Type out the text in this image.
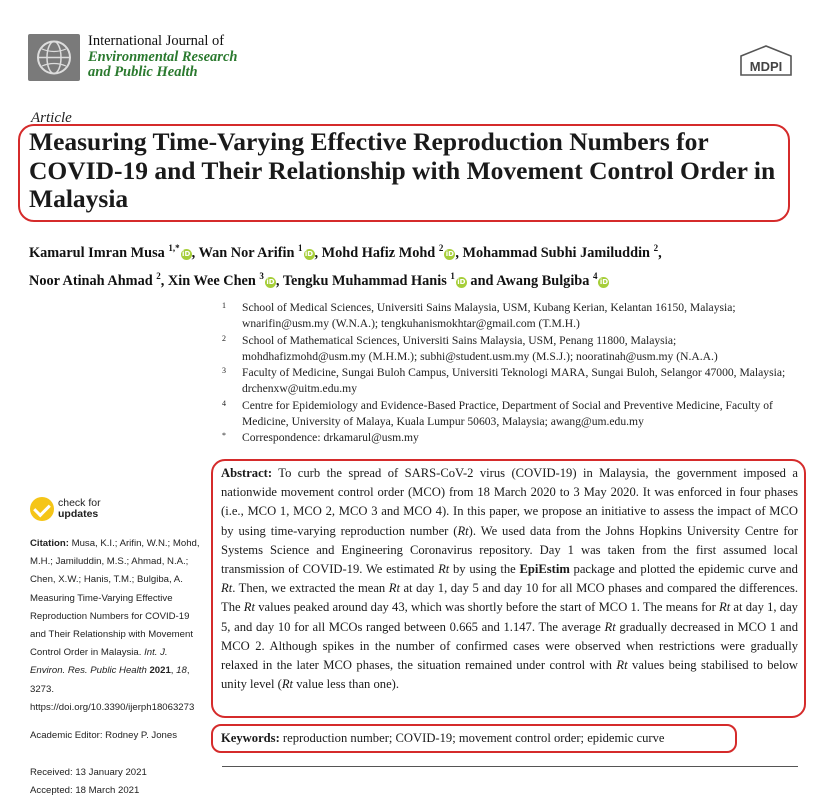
International Journal of
Environmental Research
and Public Health	MDPI
Article
Measuring Time-Varying Effective Reproduction Numbers for COVID-19 and Their Relationship with Movement Control Order in Malaysia
Kamarul Imran Musa $^{1,*}$iD, Wan Nor Arifin $^1$iD, Mohd Hafiz Mohd $^2$iD, Mohammad Subhi Jamiluddin $^2$,
Noor Atinah Ahmad $^2$, Xin Wee Chen $^3$iD, Tengku Muhammad Hanis $^1$iD and Awang Bulgiba $^4$iD
1	School of Medical Sciences, Universiti Sains Malaysia, USM, Kubang Kerian, Kelantan 16150, Malaysia; wnarifin@usm.my (W.N.A.); tengkuhanismokhtar@gmail.com (T.M.H.)
2	School of Mathematical Sciences, Universiti Sains Malaysia, USM, Penang 11800, Malaysia; mohdhafizmohd@usm.my (M.H.M.); subhi@student.usm.my (M.S.J.); nooratinah@usm.my (N.A.A.)
3	Faculty of Medicine, Sungai Buloh Campus, Universiti Teknologi MARA, Sungai Buloh, Selangor 47000, Malaysia; drchenxw@uitm.edu.my
4	Centre for Epidemiology and Evidence-Based Practice, Department of Social and Preventive Medicine, Faculty of Medicine, University of Malaya, Kuala Lumpur 50603, Malaysia; awang@um.edu.my
*	Correspondence: drkamarul@usm.my
check for
updates
Citation: Musa, K.I.; Arifin, W.N.; Mohd, M.H.; Jamiluddin, M.S.; Ahmad, N.A.; Chen, X.W.; Hanis, T.M.; Bulgiba, A. Measuring Time-Varying Effective Reproduction Numbers for COVID-19 and Their Relationship with Movement Control Order in Malaysia. Int. J. Environ. Res. Public Health 2021, 18, 3273. https://doi.org/10.3390/ijerph18063273
Academic Editor: Rodney P. Jones
Received: 13 January 2021
Accepted: 18 March 2021
Abstract: To curb the spread of SARS-CoV-2 virus (COVID-19) in Malaysia, the government imposed a nationwide movement control order (MCO) from 18 March 2020 to 3 May 2020. It was enforced in four phases (i.e., MCO 1, MCO 2, MCO 3 and MCO 4). In this paper, we propose an initiative to assess the impact of MCO by using time-varying reproduction number (Rt). We used data from the Johns Hopkins University Centre for Systems Science and Engineering Coronavirus repository. Day 1 was taken from the first assumed local transmission of COVID-19. We estimated Rt by using the EpiEstim package and plotted the epidemic curve and Rt. Then, we extracted the mean Rt at day 1, day 5 and day 10 for all MCO phases and compared the differences. The Rt values peaked around day 43, which was shortly before the start of MCO 1. The means for Rt at day 1, day 5, and day 10 for all MCOs ranged between 0.665 and 1.147. The average Rt gradually decreased in MCO 1 and MCO 2. Although spikes in the number of confirmed cases were observed when restrictions were gradually relaxed in the later MCO phases, the situation remained under control with Rt values being stabilised to below unity level (Rt value less than one).
Keywords: reproduction number; COVID-19; movement control order; epidemic curve
